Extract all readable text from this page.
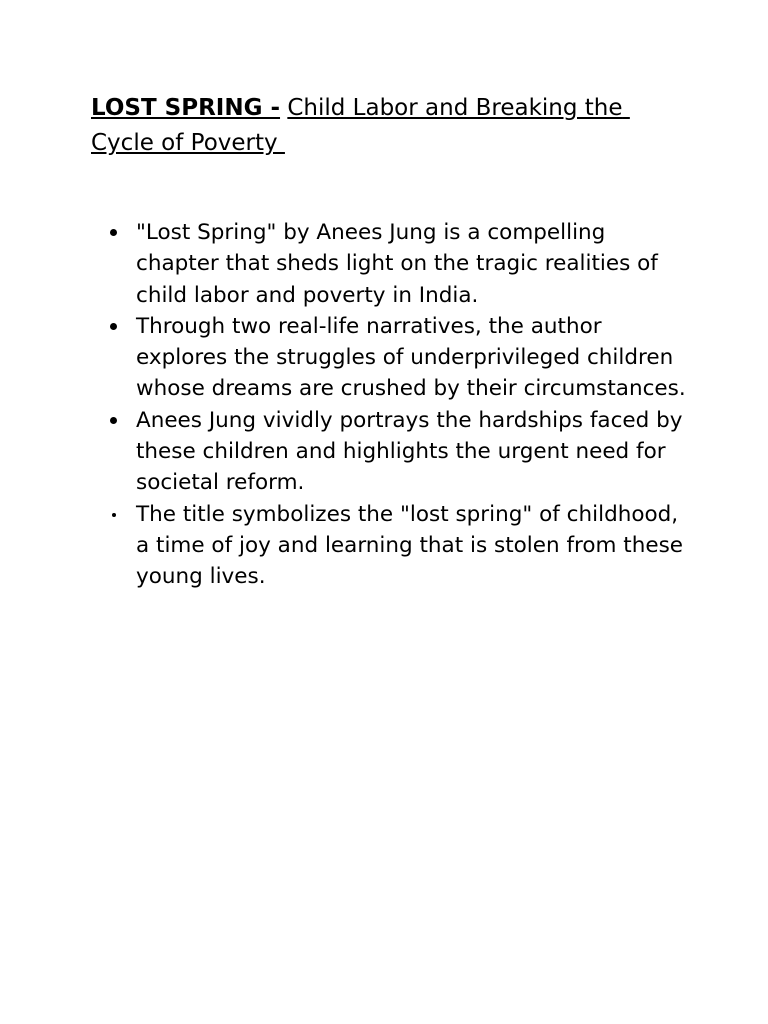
LOST SPRING - Child Labor and Breaking the Cycle of Poverty
"Lost Spring" by Anees Jung is a compelling chapter that sheds light on the tragic realities of child labor and poverty in India.
Through two real-life narratives, the author explores the struggles of underprivileged children whose dreams are crushed by their circumstances.
Anees Jung vividly portrays the hardships faced by these children and highlights the urgent need for societal reform.
The title symbolizes the "lost spring" of childhood, a time of joy and learning that is stolen from these young lives.
